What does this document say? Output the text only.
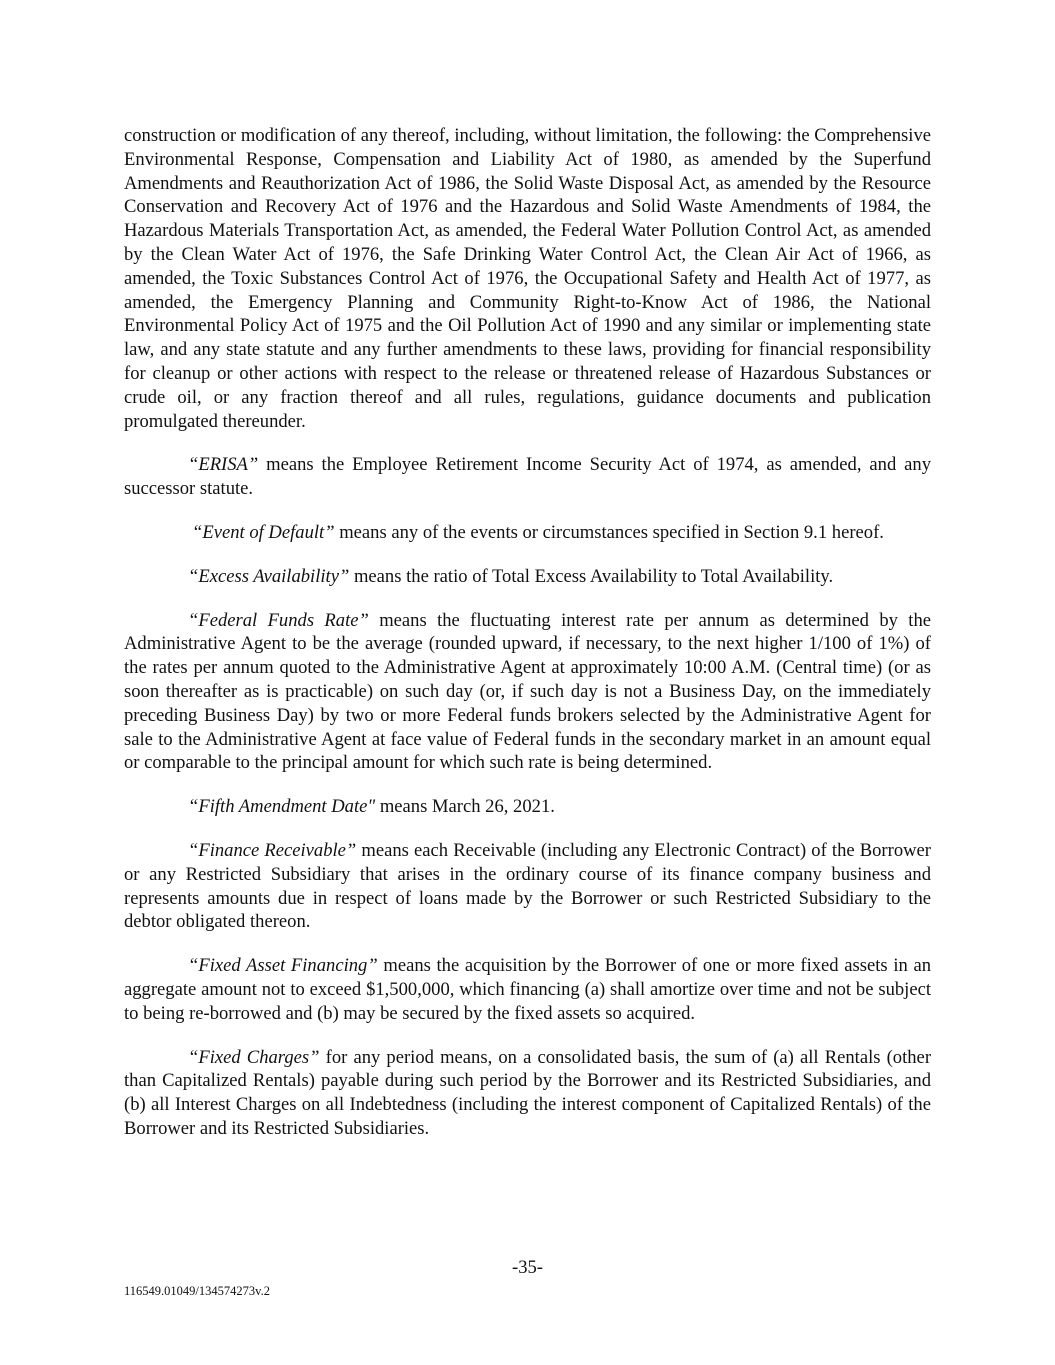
construction or modification of any thereof, including, without limitation, the following: the Comprehensive Environmental Response, Compensation and Liability Act of 1980, as amended by the Superfund Amendments and Reauthorization Act of 1986, the Solid Waste Disposal Act, as amended by the Resource Conservation and Recovery Act of 1976 and the Hazardous and Solid Waste Amendments of 1984, the Hazardous Materials Transportation Act, as amended, the Federal Water Pollution Control Act, as amended by the Clean Water Act of 1976, the Safe Drinking Water Control Act, the Clean Air Act of 1966, as amended, the Toxic Substances Control Act of 1976, the Occupational Safety and Health Act of 1977, as amended, the Emergency Planning and Community Right-to-Know Act of 1986, the National Environmental Policy Act of 1975 and the Oil Pollution Act of 1990 and any similar or implementing state law, and any state statute and any further amendments to these laws, providing for financial responsibility for cleanup or other actions with respect to the release or threatened release of Hazardous Substances or crude oil, or any fraction thereof and all rules, regulations, guidance documents and publication promulgated thereunder.

“ERISA” means the Employee Retirement Income Security Act of 1974, as amended, and any successor statute.

“Event of Default” means any of the events or circumstances specified in Section 9.1 hereof.

“Excess Availability” means the ratio of Total Excess Availability to Total Availability.

“Federal Funds Rate” means the fluctuating interest rate per annum as determined by the Administrative Agent to be the average (rounded upward, if necessary, to the next higher 1/100 of 1%) of the rates per annum quoted to the Administrative Agent at approximately 10:00 A.M. (Central time) (or as soon thereafter as is practicable) on such day (or, if such day is not a Business Day, on the immediately preceding Business Day) by two or more Federal funds brokers selected by the Administrative Agent for sale to the Administrative Agent at face value of Federal funds in the secondary market in an amount equal or comparable to the principal amount for which such rate is being determined.

“Fifth Amendment Date" means March 26, 2021.

“Finance Receivable” means each Receivable (including any Electronic Contract) of the Borrower or any Restricted Subsidiary that arises in the ordinary course of its finance company business and represents amounts due in respect of loans made by the Borrower or such Restricted Subsidiary to the debtor obligated thereon.

“Fixed Asset Financing” means the acquisition by the Borrower of one or more fixed assets in an aggregate amount not to exceed $1,500,000, which financing (a) shall amortize over time and not be subject to being re-borrowed and (b) may be secured by the fixed assets so acquired.

“Fixed Charges” for any period means, on a consolidated basis, the sum of (a) all Rentals (other than Capitalized Rentals) payable during such period by the Borrower and its Restricted Subsidiaries, and (b) all Interest Charges on all Indebtedness (including the interest component of Capitalized Rentals) of the Borrower and its Restricted Subsidiaries.

-35-
116549.01049/134574273v.2
